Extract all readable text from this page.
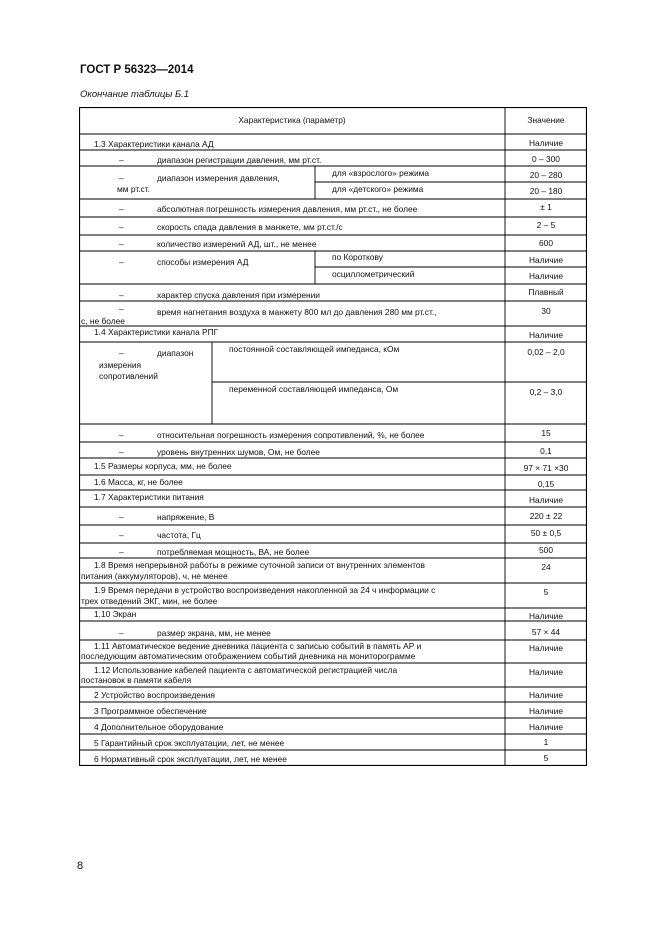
ГОСТ Р 56323—2014
Окончание таблицы Б.1
Характеристика (параметр)	Значение
1.3 Характеристики канала АД	Наличие
–	диапазон регистрации давления, мм рт.ст.	0 – 300
–	диапазон измерения давления,
мм рт.ст.
для «взрослого» режима	20 – 280
для «детского» режима	20 – 180
–	абсолютная погрешность измерения давления, мм рт.ст., не более	± 1
–	скорость спада давления в манжете, мм рт.ст./с	2 – 5
–	количество измерений АД, шт., не менее	600
–	способы измерения АД	по Короткову	Наличие
осциллометрический	Наличие
–	характер спуска давления при измерении	Плавный
–	время нагнетания воздуха в манжету 800 мл до давления 280 мм рт.ст.,
с, не более
30
1.4 Характеристики канала РПГ	Наличие
–	диапазон
измерения
сопротивлений
постоянной составляющей импеданса, кОм	0,02 – 2,0
переменной составляющей импеданса, Ом	0,2 – 3,0
–	относительная погрешность измерения сопротивлений, %, не более	15
–	уровень внутренних шумов, Ом, не более	0,1
1.5 Размеры корпуса, мм, не более	97 × 71 ×30
1.6 Масса, кг, не более	0,15
1.7 Характеристики питания	Наличие
–	напряжение, В	220 ± 22
–	частота, Гц	50 ± 0,5
–	потребляемая мощность, ВА, не более	500
1.8 Время непрерывной работы в режиме суточной записи от внутренних элементов
питания (аккумуляторов), ч, не менее
24
1.9 Время передачи в устройство воспроизведения накопленной за 24 ч информации с
трех отведений ЭКГ, мин, не более
5
1.10 Экран	Наличие
–	размер экрана, мм, не менее	57 × 44
1.11 Автоматическое ведение дневника пациента с записью событий в память АР и
последующим автоматическим отображением событий дневника на мониторограмме
Наличие
1.12 Использование кабелей пациента с автоматической регистрацией числа
постановок в памяти кабеля
Наличие
2 Устройство воспроизведения	Наличие
3 Программное обеспечение	Наличие
4 Дополнительное оборудование	Наличие
5 Гарантийный срок эксплуатации, лет, не менее	1
6 Нормативный срок эксплуатации, лет, не менее	5
8
